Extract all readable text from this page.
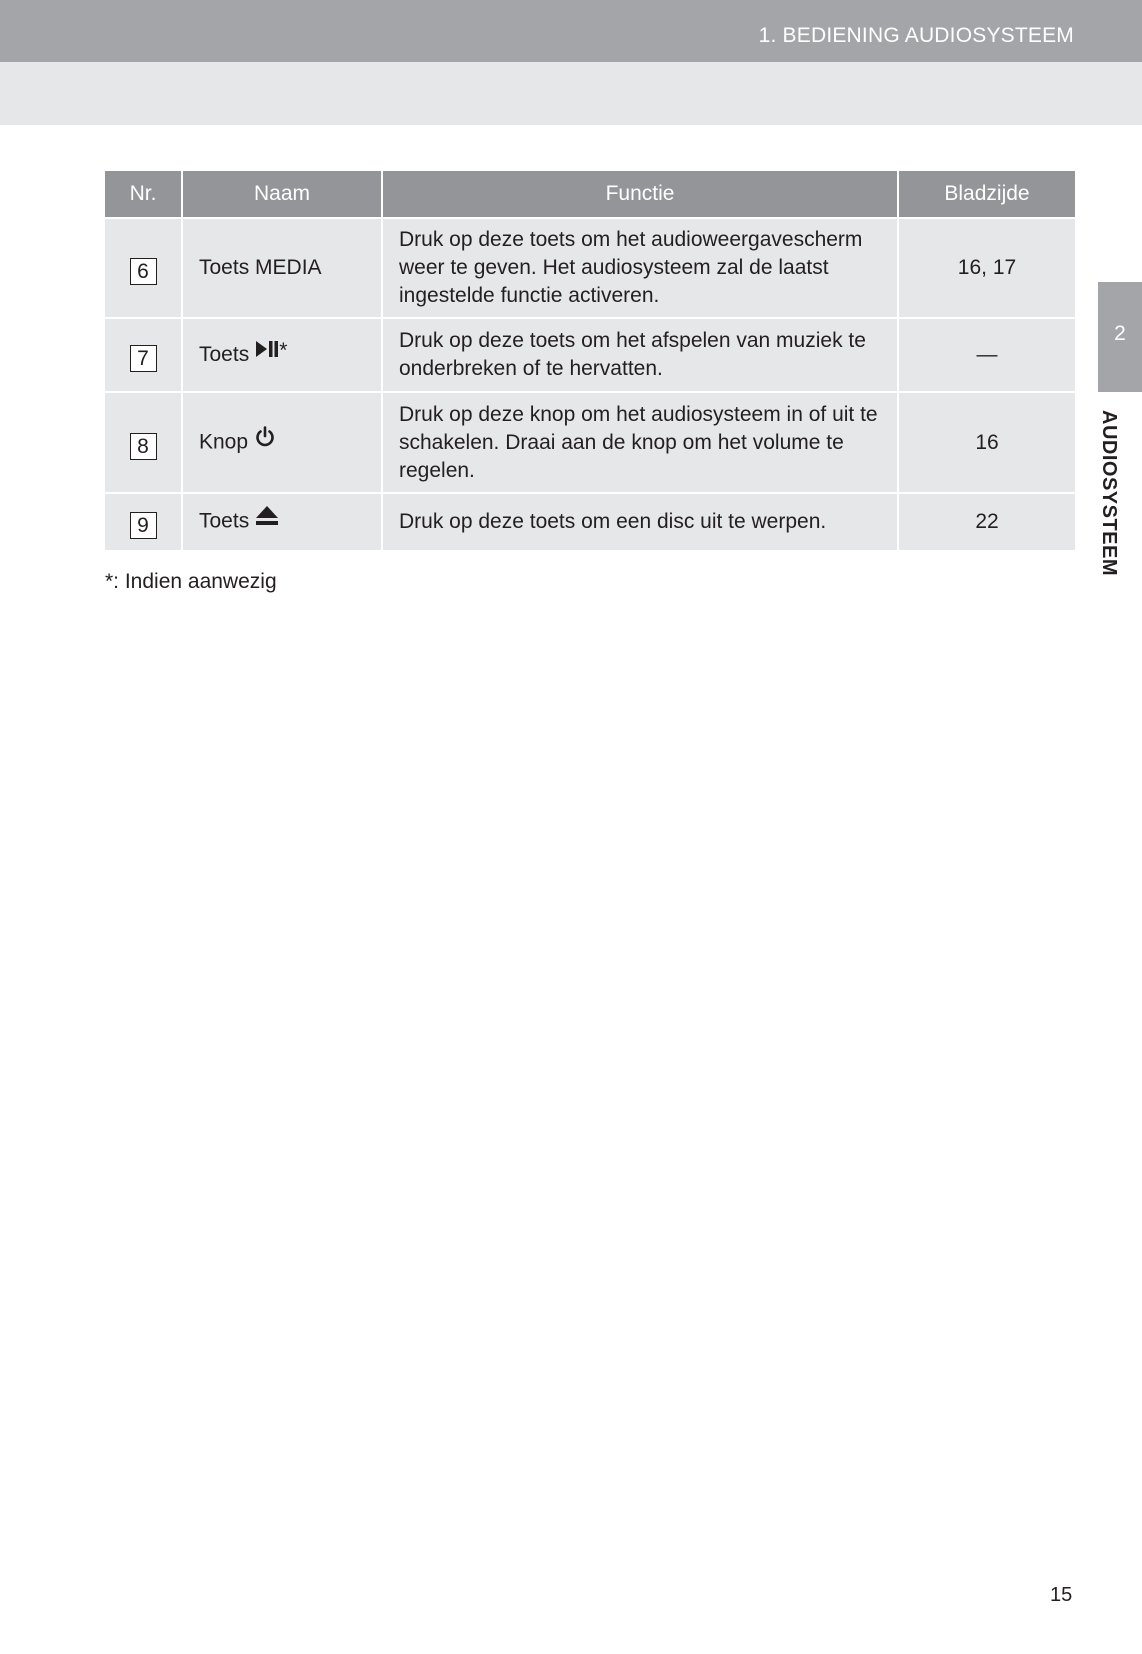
1. BEDIENING AUDIOSYSTEEM
2
AUDIOSYSTEEM
Nr.	Naam	Functie	Bladzijde
6	Toets MEDIA	Druk op deze toets om het audioweergavescherm weer te geven. Het audiosysteem zal de laatst ingestelde functie activeren.	16, 17
7	Toets *	Druk op deze toets om het afspelen van muziek te onderbreken of te hervatten.	—
8	Knop	Druk op deze knop om het audiosysteem in of uit te schakelen. Draai aan de knop om het volume te regelen.	16
9	Toets	Druk op deze toets om een disc uit te werpen.	22
*: Indien aanwezig
15
